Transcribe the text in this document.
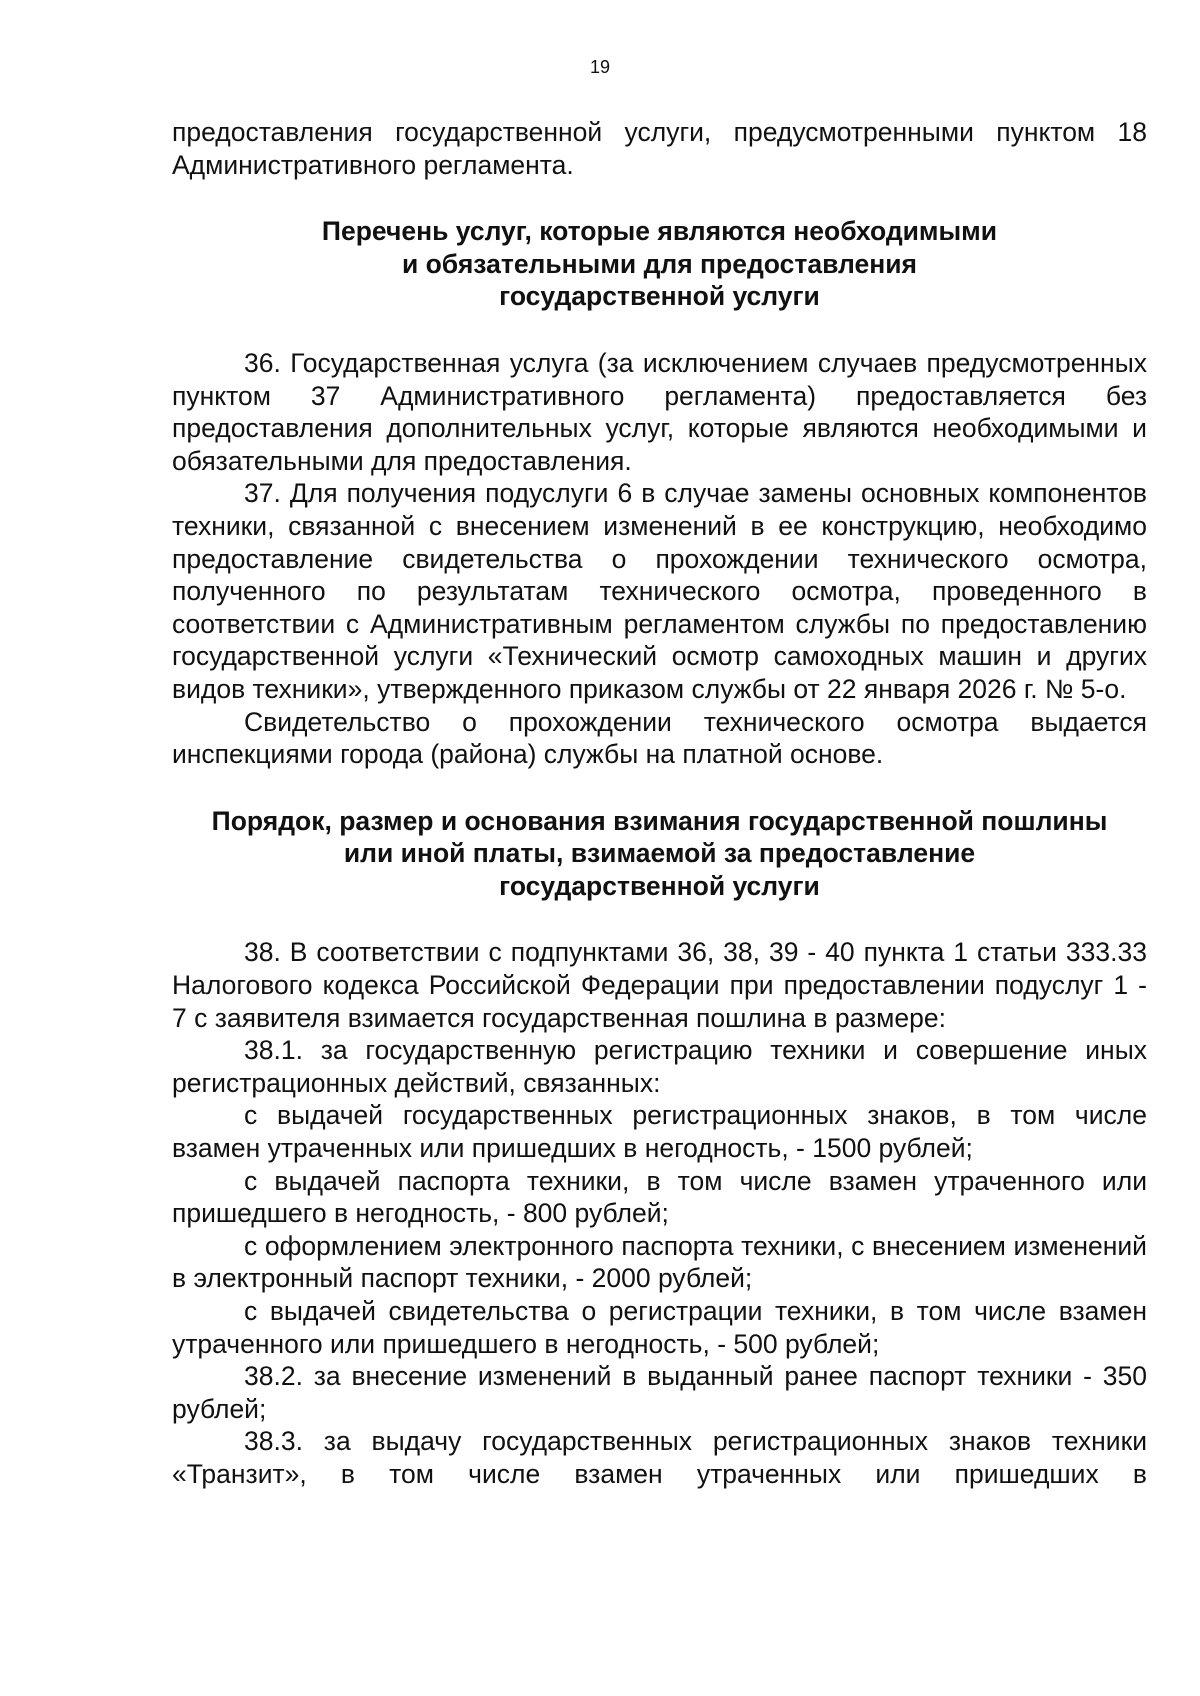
19

предоставления государственной услуги, предусмотренными пунктом 18 Административного регламента.

Перечень услуг, которые являются необходимыми
и обязательными для предоставления
государственной услуги

36. Государственная услуга (за исключением случаев предусмотренных пунктом 37 Административного регламента) предоставляется без предоставления дополнительных услуг, которые являются необходимыми и обязательными для предоставления.

37. Для получения подуслуги 6 в случае замены основных компонентов техники, связанной с внесением изменений в ее конструкцию, необходимо предоставление свидетельства о прохождении технического осмотра, полученного по результатам технического осмотра, проведенного в соответствии с Административным регламентом службы по предоставлению государственной услуги «Технический осмотр самоходных машин и других видов техники», утвержденного приказом службы от 22 января 2026 г. № 5-о.

Свидетельство о прохождении технического осмотра выдается инспекциями города (района) службы на платной основе.

Порядок, размер и основания взимания государственной пошлины
или иной платы, взимаемой за предоставление
государственной услуги

38. В соответствии с подпунктами 36, 38, 39 - 40 пункта 1 статьи 333.33 Налогового кодекса Российской Федерации при предоставлении подуслуг 1 - 7 с заявителя взимается государственная пошлина в размере:

38.1. за государственную регистрацию техники и совершение иных регистрационных действий, связанных:

с выдачей государственных регистрационных знаков, в том числе взамен утраченных или пришедших в негодность, - 1500 рублей;

с выдачей паспорта техники, в том числе взамен утраченного или пришедшего в негодность, - 800 рублей;

с оформлением электронного паспорта техники, с внесением изменений в электронный паспорт техники, - 2000 рублей;

с выдачей свидетельства о регистрации техники, в том числе взамен утраченного или пришедшего в негодность, - 500 рублей;

38.2. за внесение изменений в выданный ранее паспорт техники - 350 рублей;

38.3. за выдачу государственных регистрационных знаков техники «Транзит», в том числе взамен утраченных или пришедших в
